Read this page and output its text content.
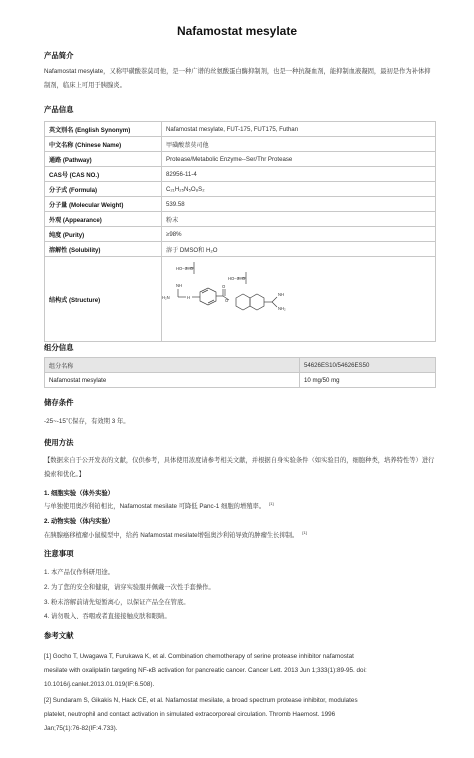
Nafamostat mesylate
产品简介
Nafamostat mesylate，又称甲磺酸萘莫司他，是一种广谱的丝氨酸蛋白酶抑制剂，也是一种抗凝血剂，能抑制血液凝固，最初是作为补体抑制剂，临床上可用于胰腺炎。
产品信息
英文别名 (English Synonym)	Nafamostat mesylate, FUT-175, FUT175, Futhan
中文名称 (Chinese Name)	甲磺酸萘莫司他
通路 (Pathway)	Protease/Metabolic Enzyme--Ser/Thr Protease
CAS号 (CAS NO.)	82956-11-4
分子式 (Formula)	C₂₁H₂₅N₅O₈S₂
分子量 (Molecular Weight)	539.58
外观 (Appearance)	粉末
纯度 (Purity)	≥98%
溶解性 (Solubility)	溶于 DMSO和 H₂O
结构式 (Structure)		H₂N
NH
H
O
O
NH
NH₂
HO–S=O
HO–S=O
组分信息
组分名称	54626ES10/54626ES50
Nafamostat mesylate	10 mg/50 mg
储存条件
-25~-15℃保存，有效期 3 年。
使用方法
【数据来自于公开发表的文献，仅供参考，具体使用浓度请参考相关文献，并根据自身实验条件（如实验目的，细胞种类，培养特性等）进行摸索和优化。】
1. 细胞实验（体外实验）
与单独使用奥沙利铂相比，Nafamostat mesilate 可降低 Panc-1 细胞的增殖率。 [1]
2. 动物实验（体内实验）
在胰腺癌移植瘤小鼠模型中，给药 Nafamostat mesilate增强奥沙利铂导致的肿瘤生长抑制。 [1]
注意事项
1. 本产品仅作科研用途。
2. 为了您的安全和健康，请穿实验服并佩戴一次性手套操作。
3. 粉末溶解前请先短暂离心，以保证产品全在管底。
4. 请勿吸入、吞咽或者直接接触皮肤和眼睛。
参考文献
[1] Gocho T, Uwagawa T, Furukawa K, et al. Combination chemotherapy of serine protease inhibitor nafamostat
mesilate with oxaliplatin targeting NF-κB activation for pancreatic cancer. Cancer Lett. 2013 Jun 1;333(1):89-95. doi:
10.1016/j.canlet.2013.01.019(IF:6.508).
[2] Sundaram S, Gikakis N, Hack CE, et al. Nafamostat mesilate, a broad spectrum protease inhibitor, modulates
platelet, neutrophil and contact activation in simulated extracorporeal circulation. Thromb Haemost. 1996
Jan;75(1):76-82(IF:4.733).
